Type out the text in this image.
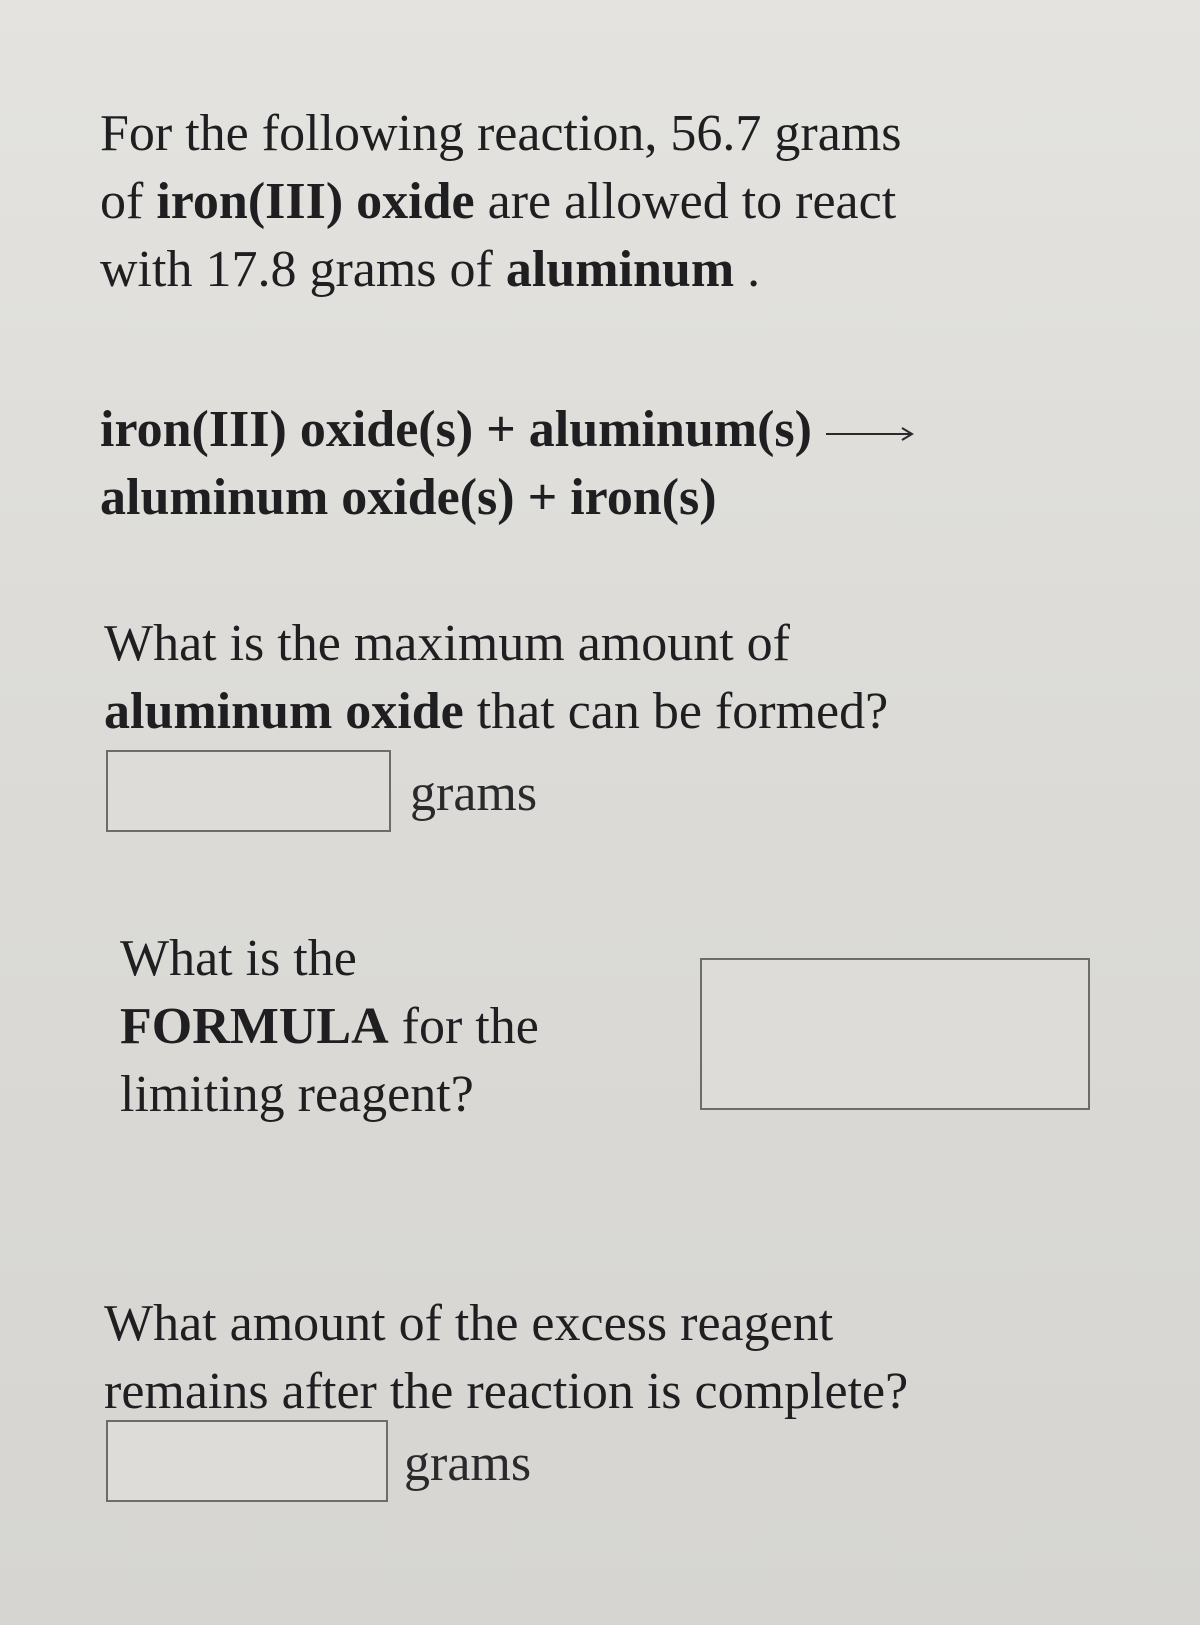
For the following reaction, 56.7 grams
of iron(III) oxide are allowed to react
with 17.8 grams of aluminum .
iron(III) oxide(s) + aluminum(s) →
aluminum oxide(s) + iron(s)
What is the maximum amount of
aluminum oxide that can be formed?
grams
What is the
FORMULA for the
limiting reagent?
What amount of the excess reagent
remains after the reaction is complete?
grams
